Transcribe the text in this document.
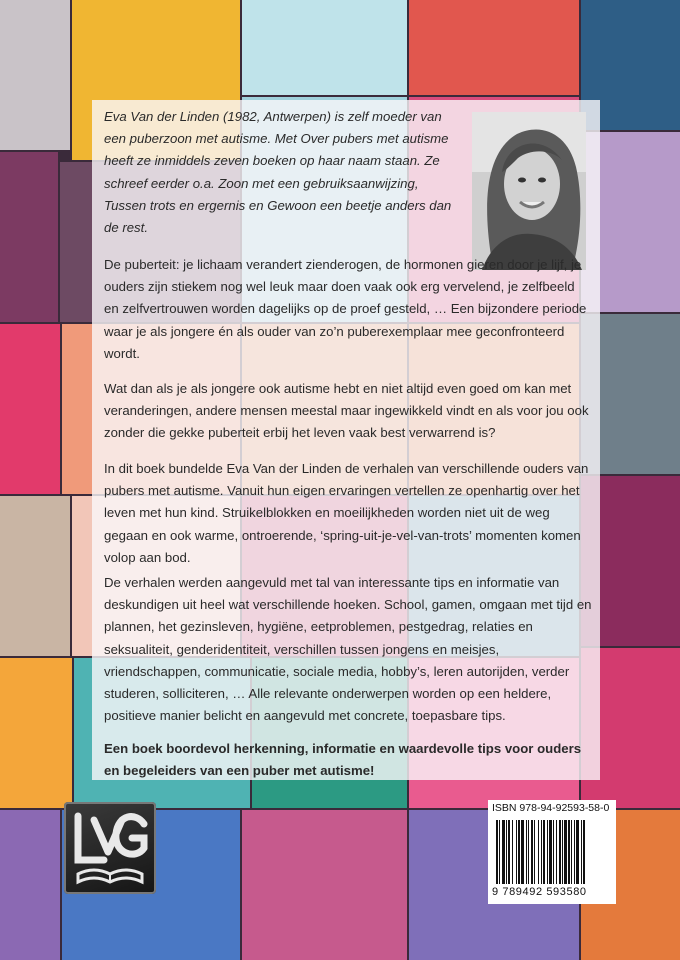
Eva Van der Linden (1982, Antwerpen) is zelf moeder van een puberzoon met autisme. Met Over pubers met autisme heeft ze inmiddels zeven boeken op haar naam staan. Ze schreef eerder o.a. Zoon met een gebruiksaanwijzing, Tussen trots en ergernis en Gewoon een beetje anders dan de rest.

De puberteit: je lichaam verandert zienderogen, de hormonen gieren door je lijf, je ouders zijn stiekem nog wel leuk maar doen vaak ook erg vervelend, je zelfbeeld en zelfvertrouwen worden dagelijks op de proef gesteld, … Een bijzondere periode waar je als jongere én als ouder van zo’n puberexemplaar mee geconfronteerd wordt.

Wat dan als je als jongere ook autisme hebt en niet altijd even goed om kan met veranderingen, andere mensen meestal maar ingewikkeld vindt en als voor jou ook zonder die gekke puberteit erbij het leven vaak best verwarrend is?

In dit boek bundelde Eva Van der Linden de verhalen van verschillende ouders van pubers met autisme. Vanuit hun eigen ervaringen vertellen ze openhartig over het leven met hun kind. Struikelblokken en moeilijkheden worden niet uit de weg gegaan en ook warme, ontroerende, ‘spring-uit-je-vel-van-trots’ momenten komen volop aan bod.

De verhalen werden aangevuld met tal van interessante tips en informatie van deskundigen uit heel wat verschillende hoeken. School, gamen, omgaan met tijd en plannen, het gezinsleven, hygiëne, eetproblemen, pestgedrag, relaties en seksualiteit, genderidentiteit, verschillen tussen jongens en meisjes, vriendschappen, communicatie, sociale media, hobby’s, leren autorijden, verder studeren, solliciteren, … Alle relevante onderwerpen worden op een heldere, positieve manier belicht en aangevuld met concrete, toepasbare tips.

Een boek boordevol herkenning, informatie en waardevolle tips voor ouders en begeleiders van een puber met autisme!

ISBN 978-94-92593-58-0
9 789492 593580
